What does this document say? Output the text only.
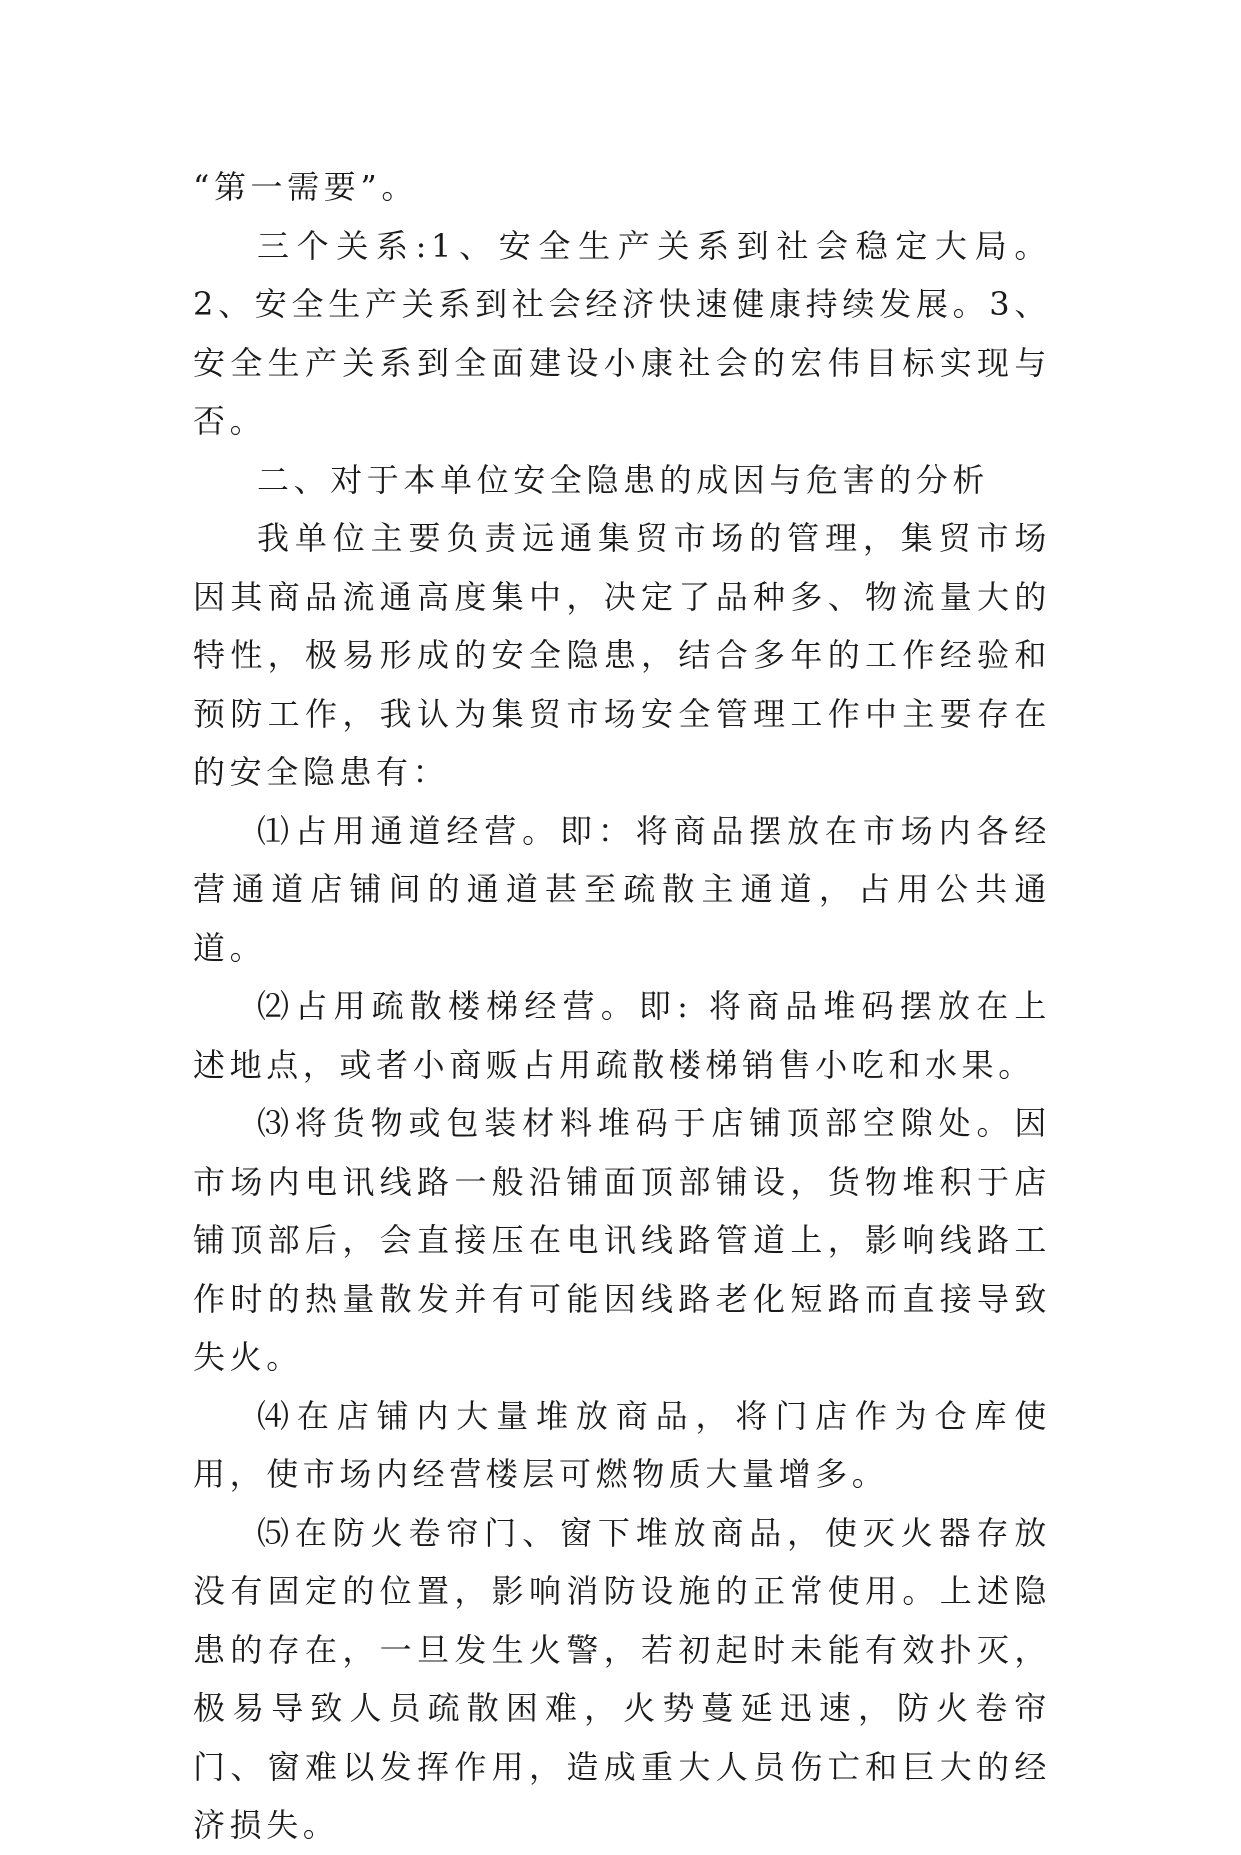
“第一需要”。

三个关系:1、安全生产关系到社会稳定大局。2、安全生产关系到社会经济快速健康持续发展。3、安全生产关系到全面建设小康社会的宏伟目标实现与否。

二、对于本单位安全隐患的成因与危害的分析

我单位主要负责远通集贸市场的管理，集贸市场因其商品流通高度集中，决定了品种多、物流量大的特性，极易形成的安全隐患，结合多年的工作经验和预防工作，我认为集贸市场安全管理工作中主要存在的安全隐患有：

⑴占用通道经营。即：将商品摆放在市场内各经营通道店铺间的通道甚至疏散主通道，占用公共通道。

⑵占用疏散楼梯经营。即: 将商品堆码摆放在上述地点，或者小商贩占用疏散楼梯销售小吃和水果。

⑶将货物或包装材料堆码于店铺顶部空隙处。因市场内电讯线路一般沿铺面顶部铺设，货物堆积于店铺顶部后，会直接压在电讯线路管道上，影响线路工作时的热量散发并有可能因线路老化短路而直接导致失火。

⑷在店铺内大量堆放商品，将门店作为仓库使用，使市场内经营楼层可燃物质大量增多。

⑸在防火卷帘门、窗下堆放商品，使灭火器存放没有固定的位置，影响消防设施的正常使用。上述隐患的存在，一旦发生火警，若初起时未能有效扑灭，极易导致人员疏散困难，火势蔓延迅速，防火卷帘门、窗难以发挥作用，造成重大人员伤亡和巨大的经济损失。
